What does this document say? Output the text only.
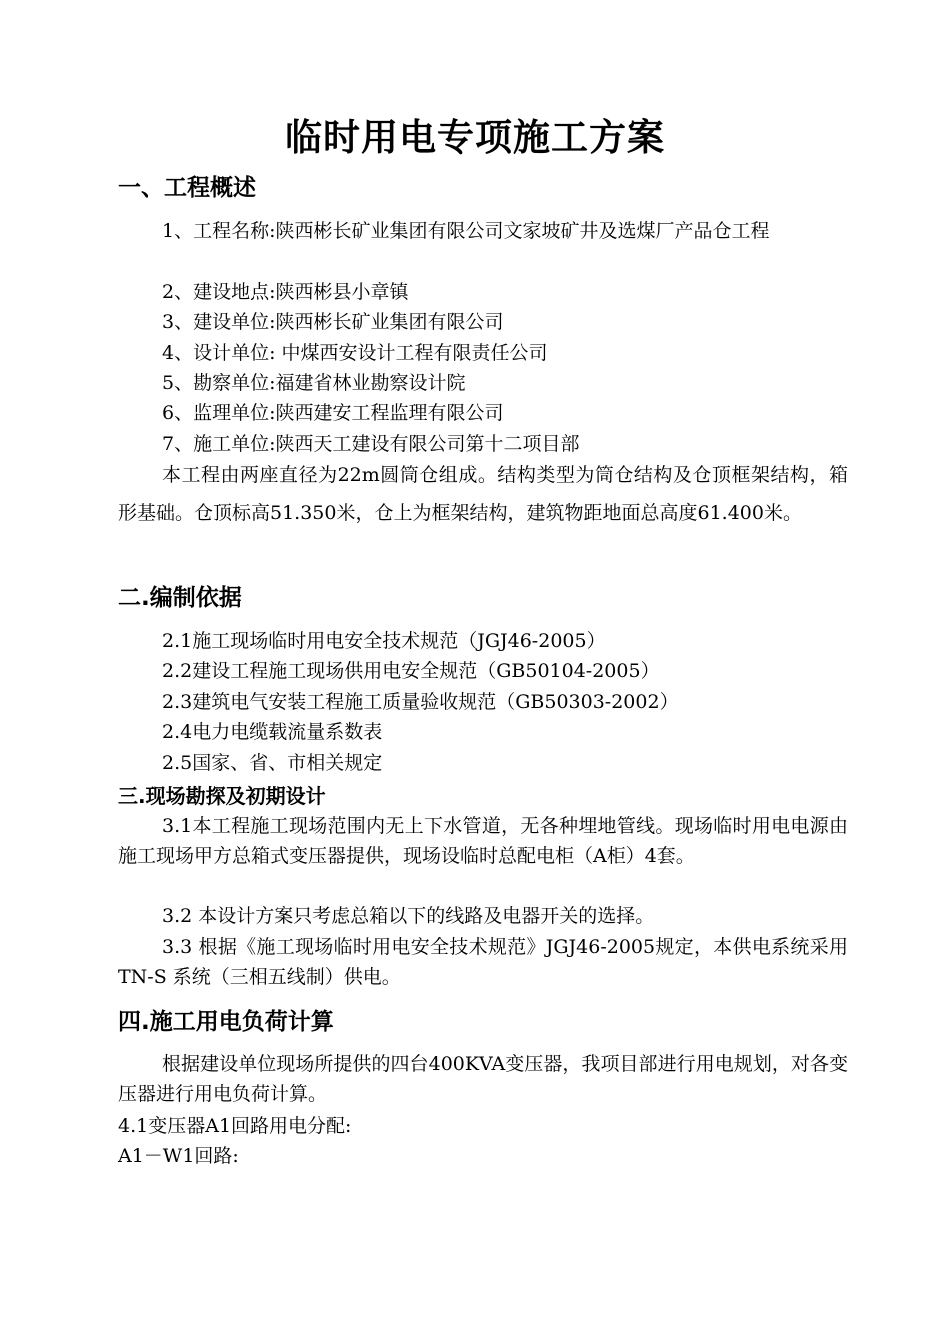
临时用电专项施工方案
一、工程概述
1、工程名称:陕西彬长矿业集团有限公司文家坡矿井及选煤厂产品仓工程
2、建设地点:陕西彬县小章镇
3、建设单位:陕西彬长矿业集团有限公司
4、设计单位: 中煤西安设计工程有限责任公司
5、勘察单位:福建省林业勘察设计院
6、监理单位:陕西建安工程监理有限公司
7、施工单位:陕西天工建设有限公司第十二项目部
本工程由两座直径为22m圆筒仓组成。结构类型为筒仓结构及仓顶框架结构，箱形基础。仓顶标高51.350米，仓上为框架结构，建筑物距地面总高度61.400米。
二.编制依据
2.1施工现场临时用电安全技术规范（JGJ46-2005）
2.2建设工程施工现场供用电安全规范（GB50104-2005）
2.3建筑电气安装工程施工质量验收规范（GB50303-2002）
2.4电力电缆载流量系数表
2.5国家、省、市相关规定
三.现场勘探及初期设计
3.1本工程施工现场范围内无上下水管道，无各种埋地管线。现场临时用电电源由施工现场甲方总箱式变压器提供，现场设临时总配电柜（A柜）4套。
3.2 本设计方案只考虑总箱以下的线路及电器开关的选择。
3.3 根据《施工现场临时用电安全技术规范》JGJ46-2005规定，本供电系统采用TN-S 系统（三相五线制）供电。
四.施工用电负荷计算
根据建设单位现场所提供的四台400KVA变压器，我项目部进行用电规划，对各变压器进行用电负荷计算。
4.1变压器A1回路用电分配:
A1－W1回路:
